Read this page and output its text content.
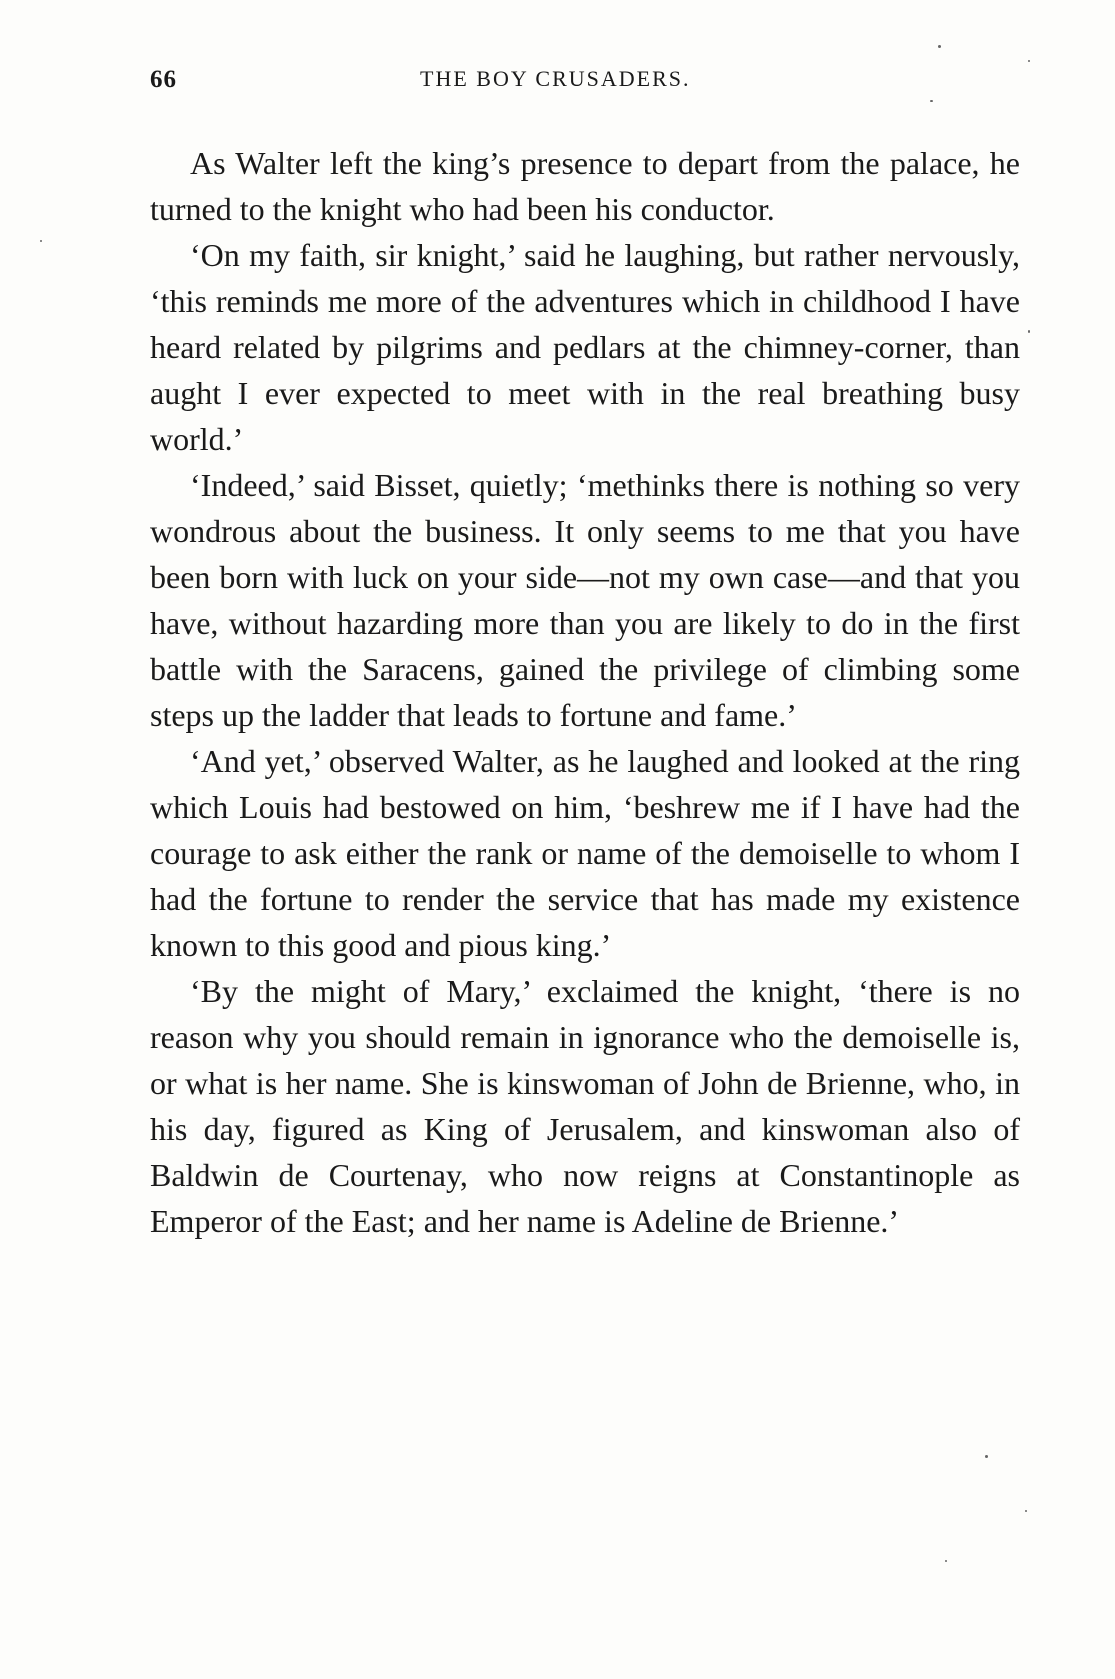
66	THE BOY CRUSADERS.

As Walter left the king’s presence to depart from the palace, he turned to the knight who had been his conductor.

‘On my faith, sir knight,’ said he laughing, but rather nervously, ‘this reminds me more of the adventures which in childhood I have heard related by pilgrims and pedlars at the chimney-corner, than aught I ever expected to meet with in the real breathing busy world.’

‘Indeed,’ said Bisset, quietly; ‘methinks there is nothing so very wondrous about the business. It only seems to me that you have been born with luck on your side—not my own case—and that you have, without hazarding more than you are likely to do in the first battle with the Saracens, gained the privilege of climbing some steps up the ladder that leads to fortune and fame.’

‘And yet,’ observed Walter, as he laughed and looked at the ring which Louis had bestowed on him, ‘beshrew me if I have had the courage to ask either the rank or name of the demoiselle to whom I had the fortune to render the service that has made my existence known to this good and pious king.’

‘By the might of Mary,’ exclaimed the knight, ‘there is no reason why you should remain in ignorance who the demoiselle is, or what is her name. She is kinswoman of John de Brienne, who, in his day, figured as King of Jerusalem, and kinswoman also of Baldwin de Courtenay, who now reigns at Constantinople as Emperor of the East; and her name is Adeline de Brienne.’
